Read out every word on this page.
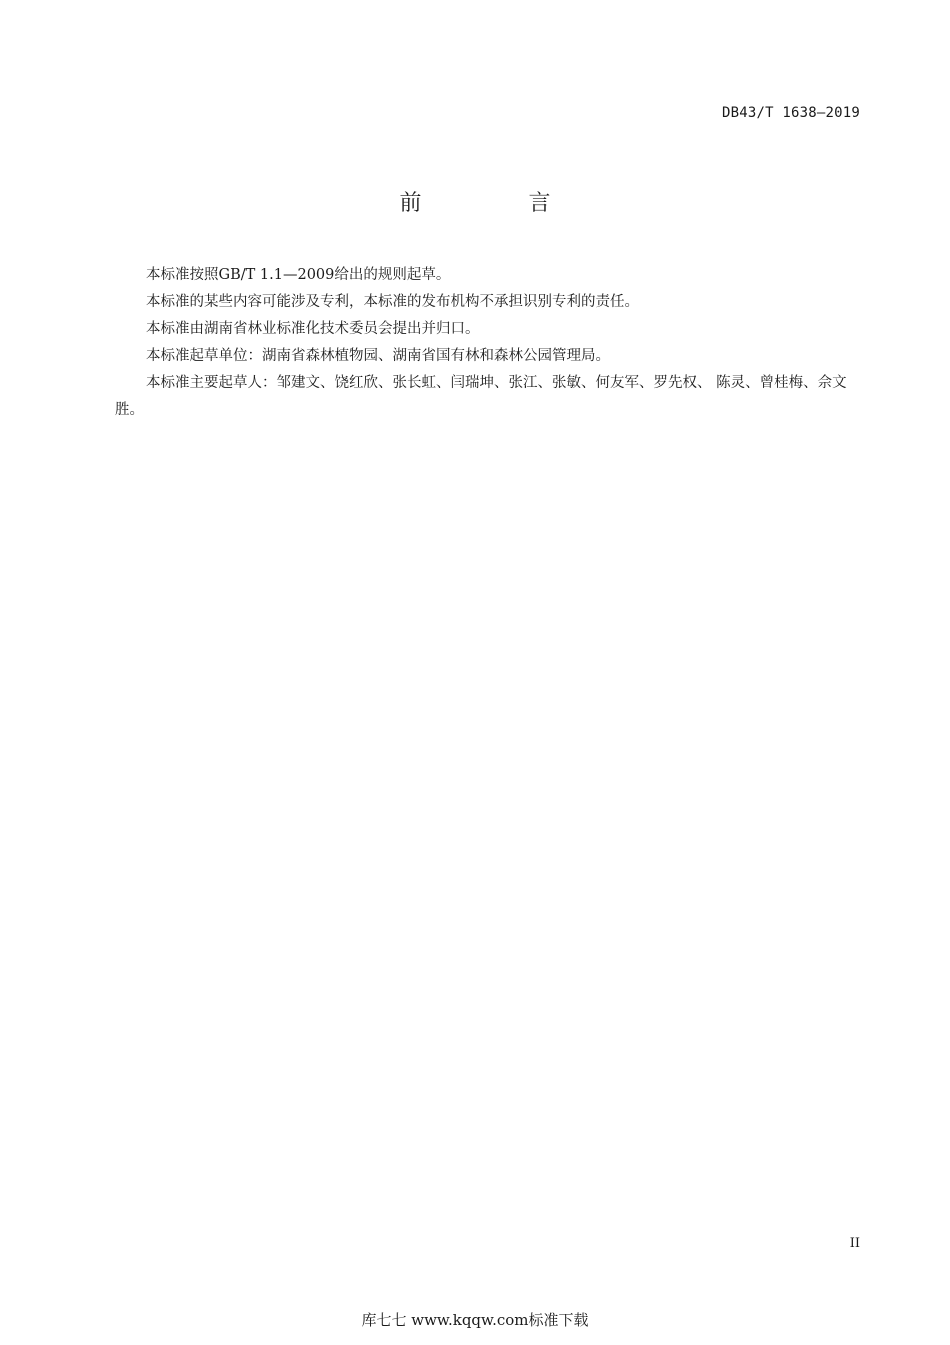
DB43/T 1638—2019
前 言

本标准按照GB/T 1.1—2009给出的规则起草。

本标准的某些内容可能涉及专利，本标准的发布机构不承担识别专利的责任。

本标准由湖南省林业标准化技术委员会提出并归口。

本标准起草单位：湖南省森林植物园、湖南省国有林和森林公园管理局。

本标准主要起草人：邹建文、饶红欣、张长虹、闫瑞坤、张江、张敏、何友军、罗先权、 陈灵、曾桂梅、佘文胜。

II
库七七 www.kqqw.com标准下载
